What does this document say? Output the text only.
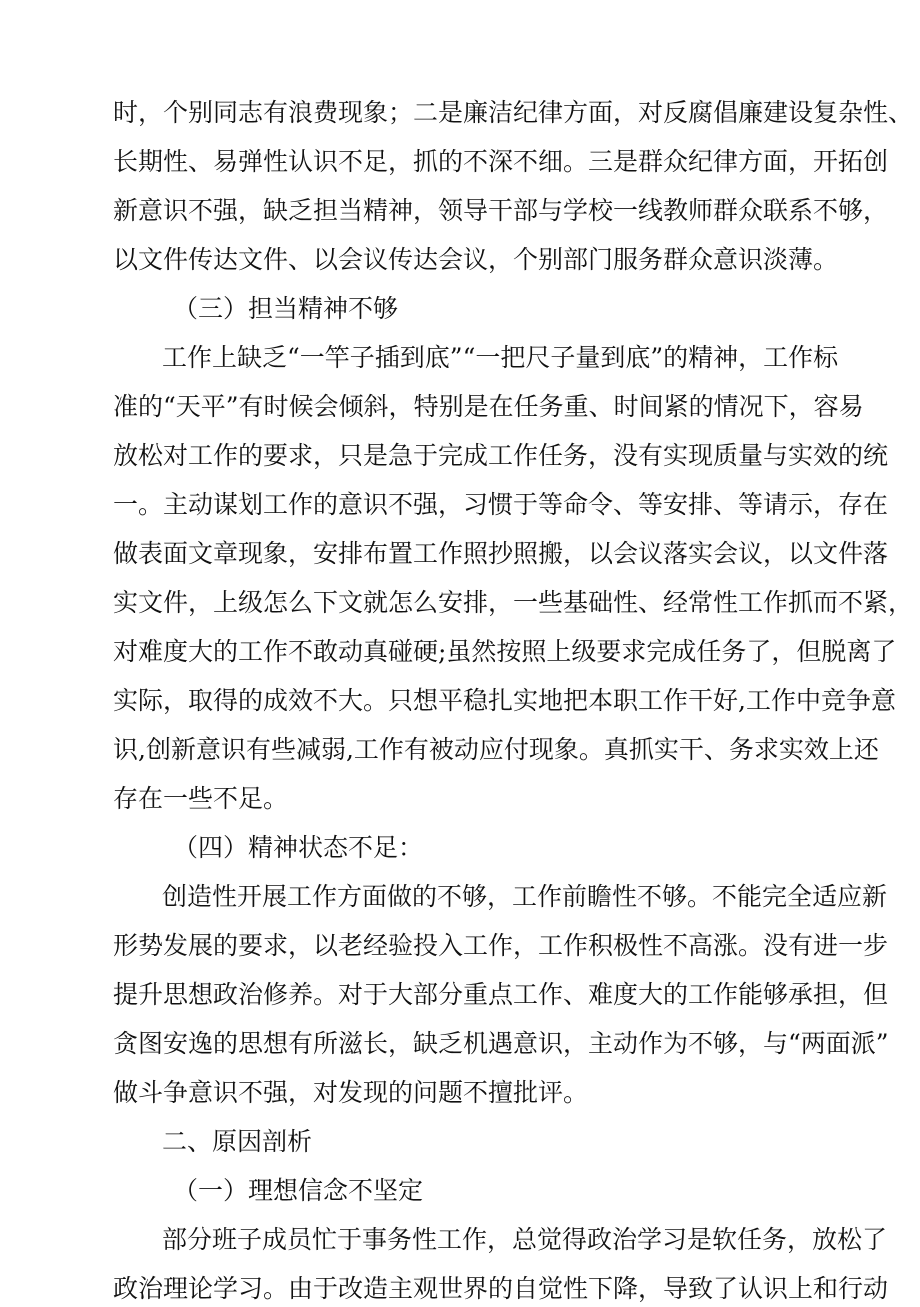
时，个别同志有浪费现象；二是廉洁纪律方面，对反腐倡廉建设复杂性、
长期性、易弹性认识不足，抓的不深不细。三是群众纪律方面，开拓创
新意识不强，缺乏担当精神，领导干部与学校一线教师群众联系不够，
以文件传达文件、以会议传达会议，个别部门服务群众意识淡薄。
（三）担当精神不够
工作上缺乏“一竿子插到底”“一把尺子量到底”的精神，工作标
准的“天平”有时候会倾斜，特别是在任务重、时间紧的情况下，容易
放松对工作的要求，只是急于完成工作任务，没有实现质量与实效的统
一。主动谋划工作的意识不强，习惯于等命令、等安排、等请示，存在
做表面文章现象，安排布置工作照抄照搬，以会议落实会议，以文件落
实文件，上级怎么下文就怎么安排，一些基础性、经常性工作抓而不紧，
对难度大的工作不敢动真碰硬;虽然按照上级要求完成任务了，但脱离了
实际，取得的成效不大。只想平稳扎实地把本职工作干好,工作中竞争意
识,创新意识有些减弱,工作有被动应付现象。真抓实干、务求实效上还
存在一些不足。
（四）精神状态不足：
创造性开展工作方面做的不够，工作前瞻性不够。不能完全适应新
形势发展的要求，以老经验投入工作，工作积极性不高涨。没有进一步
提升思想政治修养。对于大部分重点工作、难度大的工作能够承担，但
贪图安逸的思想有所滋长，缺乏机遇意识，主动作为不够，与“两面派”
做斗争意识不强，对发现的问题不擅批评。
二、原因剖析
（一）理想信念不坚定
部分班子成员忙于事务性工作，总觉得政治学习是软任务，放松了
政治理论学习。由于改造主观世界的自觉性下降，导致了认识上和行动
